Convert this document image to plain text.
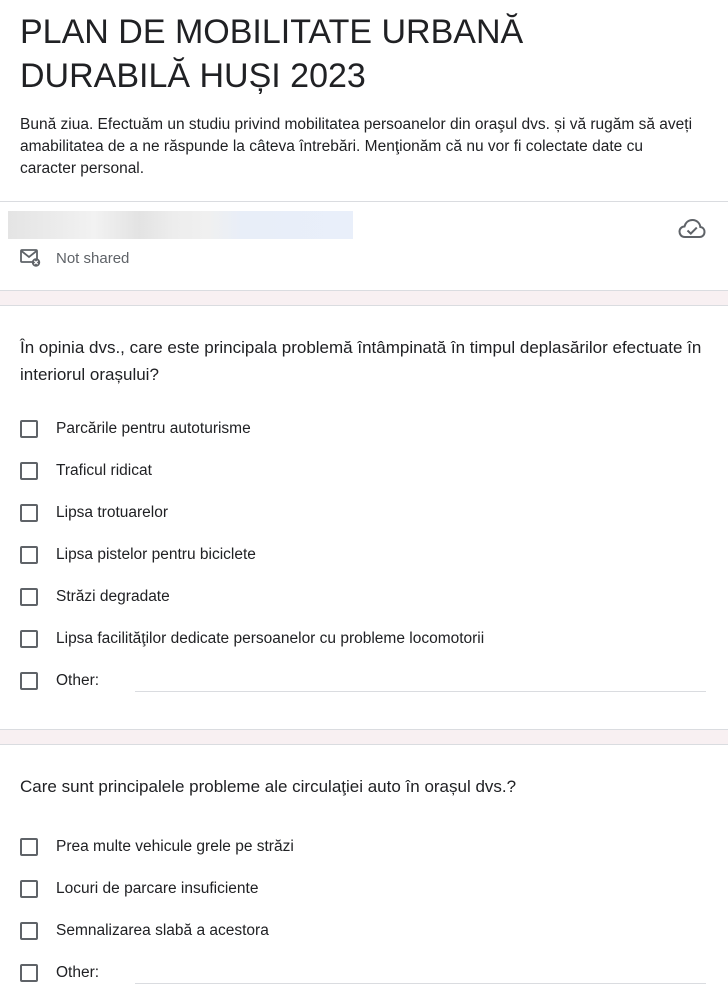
PLAN DE MOBILITATE URBANĂ
DURABILĂ HUȘI 2023

Bună ziua. Efectuăm un studiu privind mobilitatea persoanelor din oraşul dvs. și vă rugăm să aveți amabilitatea de a ne răspunde la câteva întrebări. Menţionăm că nu vor fi colectate date cu caracter personal.

Not shared

În opinia dvs., care este principala problemă întâmpinată în timpul deplasărilor efectuate în interiorul orașului?

Parcările pentru autoturisme
Traficul ridicat
Lipsa trotuarelor
Lipsa pistelor pentru biciclete
Străzi degradate
Lipsa facilităţilor dedicate persoanelor cu probleme locomotorii
Other:

Care sunt principalele probleme ale circulaţiei auto în orașul dvs.?

Prea multe vehicule grele pe străzi
Locuri de parcare insuficiente
Semnalizarea slabă a acestora
Other:
